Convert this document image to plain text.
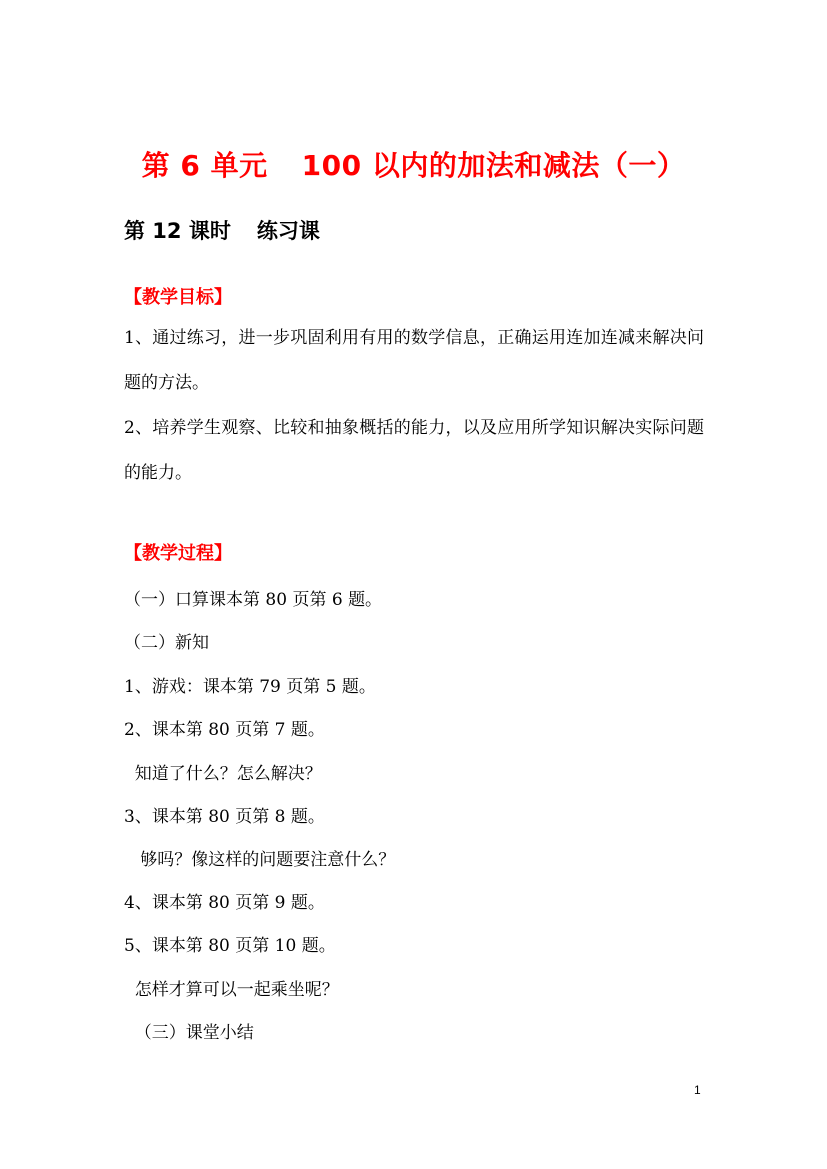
第 6 单元 100 以内的加法和减法（一）
第 12 课时 练习课
【教学目标】
1、通过练习，进一步巩固利用有用的数学信息，正确运用连加连减来解决问题的方法。
2、培养学生观察、比较和抽象概括的能力，以及应用所学知识解决实际问题的能力。
【教学过程】
（一）口算课本第 80 页第 6 题。
（二）新知
1、游戏：课本第 79 页第 5 题。
2、课本第 80 页第 7 题。
知道了什么？怎么解决？
3、课本第 80 页第 8 题。
够吗？像这样的问题要注意什么？
4、课本第 80 页第 9 题。
5、课本第 80 页第 10 题。
怎样才算可以一起乘坐呢？
（三）课堂小结
1
